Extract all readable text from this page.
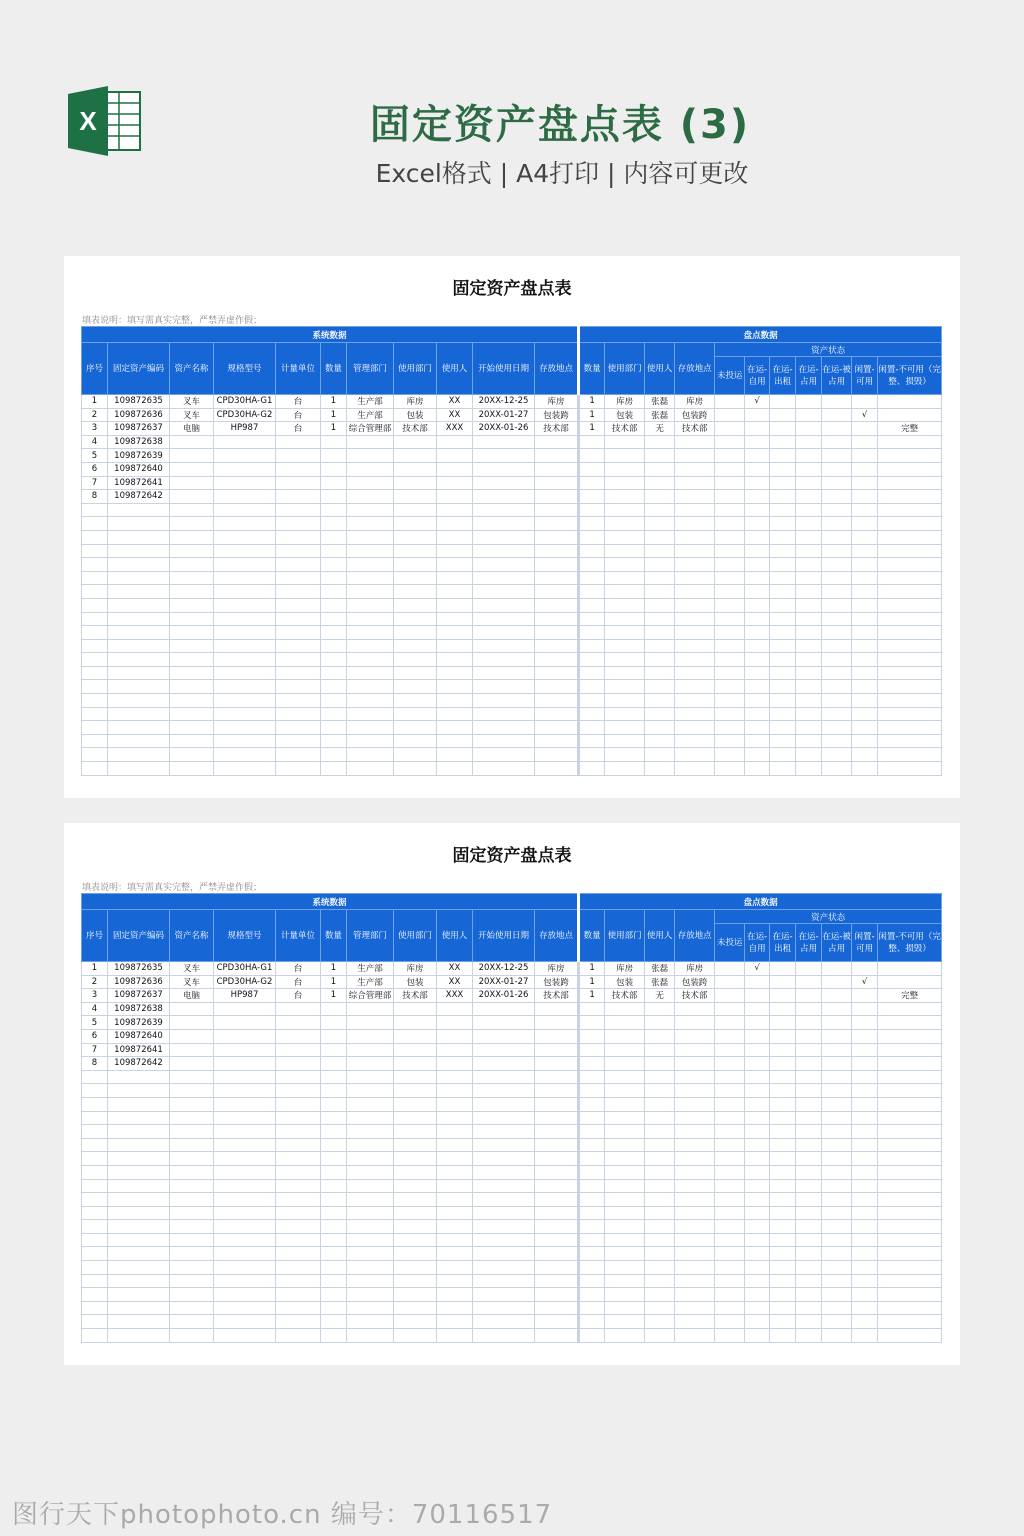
X	固定资产盘点表 (3)
Excel格式 | A4打印 | 内容可更改
固定资产盘点表
填表说明：填写需真实完整，严禁弄虚作假；
系统数据											盘点数据										
序号	固定资产编码	资产名称	规格型号	计量单位	数量	管理部门	使用部门	使用人	开始使用日期	存放地点	数量	使用部门	使用人	存放地点	资产状态						
															未投运	在运-自用	在运-出租	在运-占用	在运-被占用	闲置-可用	闲置-不可用（完整、损毁）
1	109872635	叉车	CPD30HA-G1	台	1	生产部	库房	XX	20XX-12-25	库房	1	库房	张磊	库房		√					
2	109872636	叉车	CPD30HA-G2	台	1	生产部	包装	XX	20XX-01-27	包装跨	1	包装	张磊	包装跨						√	
3	109872637	电脑	HP987	台	1	综合管理部	技术部	XXX	20XX-01-26	技术部	1	技术部	无	技术部							完整
4	109872638																				
5	109872639																				
6	109872640																				
7	109872641																				
8	109872642																				

固定资产盘点表
填表说明：填写需真实完整，严禁弄虚作假；
系统数据											盘点数据										
序号	固定资产编码	资产名称	规格型号	计量单位	数量	管理部门	使用部门	使用人	开始使用日期	存放地点	数量	使用部门	使用人	存放地点	资产状态						
															未投运	在运-自用	在运-出租	在运-占用	在运-被占用	闲置-可用	闲置-不可用（完整、损毁）
1	109872635	叉车	CPD30HA-G1	台	1	生产部	库房	XX	20XX-12-25	库房	1	库房	张磊	库房		√					
2	109872636	叉车	CPD30HA-G2	台	1	生产部	包装	XX	20XX-01-27	包装跨	1	包装	张磊	包装跨						√	
3	109872637	电脑	HP987	台	1	综合管理部	技术部	XXX	20XX-01-26	技术部	1	技术部	无	技术部							完整
4	109872638																				
5	109872639																				
6	109872640																				
7	109872641																				
8	109872642																				

图行天下photophoto.cn 编号：70116517
